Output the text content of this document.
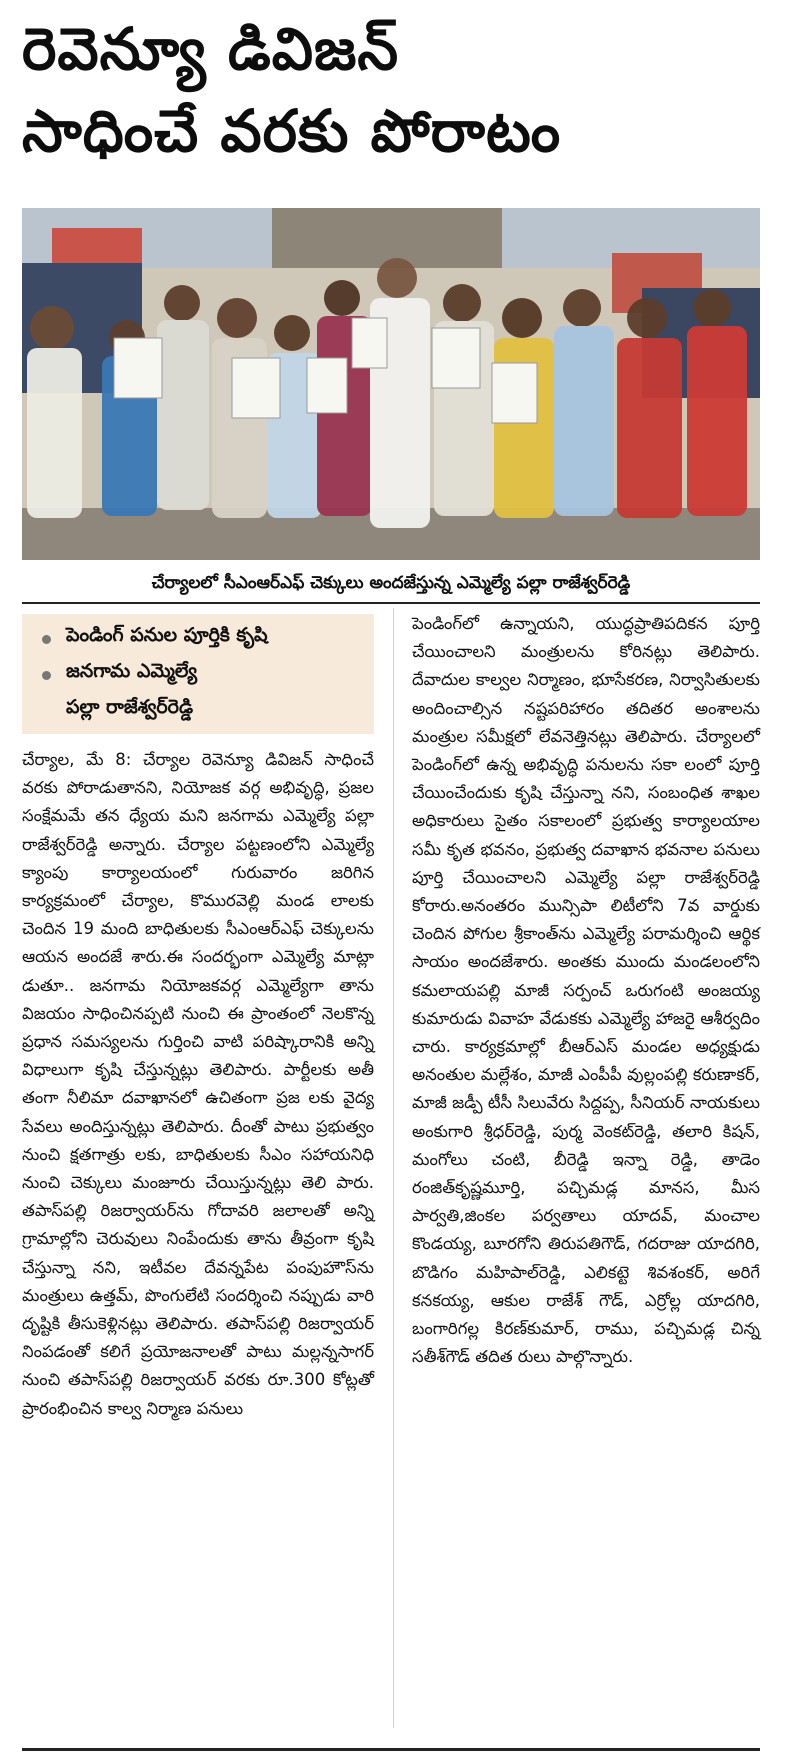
రెవెన్యూ డివిజన్
సాధించే వరకు పోరాటం
చేర్యాలలో సీఎంఆర్ఎఫ్ చెక్కులు అందజేస్తున్న ఎమ్మెల్యే పల్లా రాజేశ్వర్‌రెడ్డి
పెండింగ్ పనుల పూర్తికి కృషి
జనగామ ఎమ్మెల్యే
పల్లా రాజేశ్వర్‌రెడ్డి
చేర్యాల, మే 8: చేర్యాల రెవెన్యూ డివిజన్ సాధించే వరకు పోరాడుతానని, నియోజక వర్గ అభివృద్ధి, ప్రజల సంక్షేమమే తన ధ్యేయ మని జనగామ ఎమ్మెల్యే పల్లా రాజేశ్వర్‌రెడ్డి అన్నారు. చేర్యాల పట్టణంలోని ఎమ్మెల్యే క్యాంపు కార్యాలయంలో గురువారం జరిగిన కార్యక్రమంలో చేర్యాల, కొమురవెల్లి మండ లాలకు చెందిన 19 మంది బాధితులకు సీఎంఆర్ఎఫ్ చెక్కులను ఆయన అందజే శారు.ఈ సందర్భంగా ఎమ్మెల్యే మాట్లా డుతూ.. జనగామ నియోజకవర్గ ఎమ్మెల్యేగా తాను విజయం సాధించినప్పటి నుంచి ఈ ప్రాంతంలో నెలకొన్న ప్రధాన సమస్యలను గుర్తించి వాటి పరిష్కారానికి అన్ని విధాలుగా కృషి చేస్తున్నట్లు తెలిపారు. పార్టీలకు అతీ తంగా నీలిమా దవాఖానలో ఉచితంగా ప్రజ లకు వైద్య సేవలు అందిస్తున్నట్లు తెలిపారు. దీంతో పాటు ప్రభుత్వం నుంచి క్షతగాత్రు లకు, బాధితులకు సీఎం సహాయనిధి నుంచి చెక్కులు మంజూరు చేయిస్తున్నట్లు తెలి పారు. తపాస్‌పల్లి రిజర్వాయర్‌ను గోదావరి జలాలతో అన్ని గ్రామాల్లోని చెరువులు నింపేందుకు తాను తీవ్రంగా కృషి చేస్తున్నా నని, ఇటీవల దేవన్నపేట పంపుహౌస్‌ను మంత్రులు ఉత్తమ్, పొంగులేటి సందర్శించి నప్పుడు వారి దృష్టికి తీసుకెళ్లినట్లు తెలిపారు. తపాస్‌పల్లి రిజర్వాయర్ నింపడంతో కలిగే ప్రయోజనాలతో పాటు మల్లన్నసాగర్ నుంచి తపాస్‌పల్లి రిజర్వాయర్ వరకు రూ.300 కోట్లతో ప్రారంభించిన కాల్వ నిర్మాణ పనులు
పెండింగ్‌లో ఉన్నాయని, యుద్ధప్రాతిపదికన పూర్తి చేయించాలని మంత్రులను కోరినట్లు తెలిపారు. దేవాదుల కాల్వల నిర్మాణం, భూసేకరణ, నిర్వాసితులకు అందించాల్సిన నష్టపరిహారం తదితర అంశాలను మంత్రుల సమీక్షలో లేవనెత్తినట్లు తెలిపారు. చేర్యాలలో పెండింగ్‌లో ఉన్న అభివృద్ధి పనులను సకా లంలో పూర్తి చేయించేందుకు కృషి చేస్తున్నా నని, సంబంధిత శాఖల అధికారులు సైతం సకాలంలో ప్రభుత్వ కార్యాలయాల సమీ కృత భవనం, ప్రభుత్వ దవాఖాన భవనాల పనులు పూర్తి చేయించాలని ఎమ్మెల్యే పల్లా రాజేశ్వర్‌రెడ్డి కోరారు.అనంతరం మున్సిపా లిటీలోని 7వ వార్డుకు చెందిన పోగుల శ్రీకాంత్‌ను ఎమ్మెల్యే పరామర్శించి ఆర్థిక సాయం అందజేశారు. అంతకు ముందు మండలంలోని కమలాయపల్లి మాజీ సర్పంచ్ ఒరుగంటి అంజయ్య కుమారుడు వివాహ వేడుకకు ఎమ్మెల్యే హాజరై ఆశీర్వదిం చారు. కార్యక్రమాల్లో బీఆర్ఎస్ మండల అధ్యక్షుడు అనంతుల మల్లేశం, మాజీ ఎంపీపీ వుల్లంపల్లి కరుణాకర్, మాజీ జడ్పీ టీసీ సిలువేరు సిద్దప్ప, సీనియర్ నాయకులు అంకుగారి శ్రీధర్‌రెడ్డి, పుర్మ వెంకట్‌రెడ్డి, తలారి కిషన్, మంగోలు చంటి, బీరెడ్డి ఇన్నా రెడ్డి, తాడెం రంజిత్‌కృష్ణమూర్తి, పచ్చిమడ్ల మానస, మీస పార్వతి,జింకల పర్వతాలు యాదవ్, మంచాల కొండయ్య, బూరగోని తిరుపతిగౌడ్, గదరాజు యాదగిరి, బొడిగం మహిపాల్‌రెడ్డి, ఎలికట్టె శివశంకర్, అరిగే కనకయ్య, ఆకుల రాజేశ్ గౌడ్, ఎర్రోల్ల యాదగిరి, బంగారిగల్ల కిరణ్‌కుమార్, రాము, పచ్చిమడ్ల చిన్న సతీశ్‌గౌడ్ తదిత రులు పాల్గొన్నారు.
